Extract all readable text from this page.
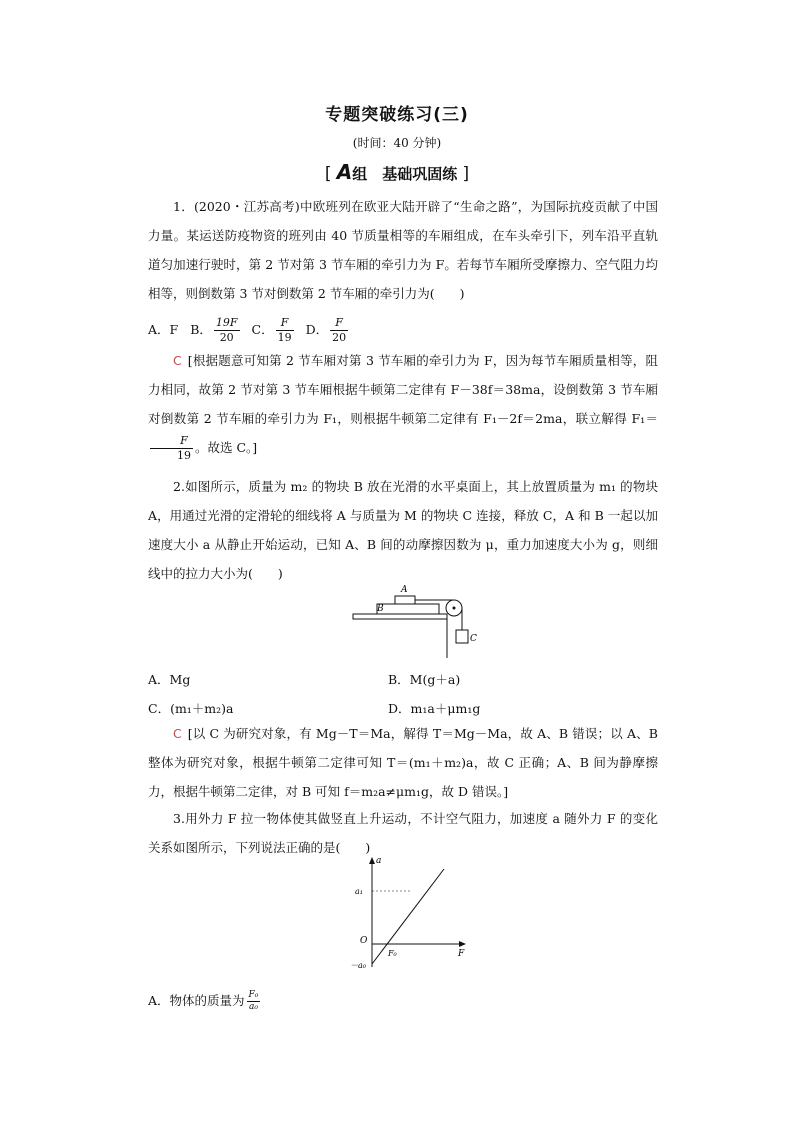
专题突破练习(三)
(时间：40 分钟)
[ A组　基础巩固练 ]
1．(2020・江苏高考)中欧班列在欧亚大陆开辟了“生命之路”，为国际抗疫贡献了中国力量。某运送防疫物资的班列由 40 节质量相等的车厢组成，在车头牵引下，列车沿平直轨道匀加速行驶时，第 2 节对第 3 节车厢的牵引力为 F。若每节车厢所受摩擦力、空气阻力均相等，则倒数第 3 节对倒数第 2 节车厢的牵引力为(　　)
A．F B． $\frac{19F}{20}$ C． $\frac{F}{19}$ D． $\frac{F}{20}$
C [根据题意可知第 2 节车厢对第 3 节车厢的牵引力为 F，因为每节车厢质量相等，阻力相同，故第 2 节对第 3 节车厢根据牛顿第二定律有 F－38f＝38ma，设倒数第 3 节车厢对倒数第 2 节车厢的牵引力为 F₁，则根据牛顿第二定律有 F₁－2f＝2ma，联立解得 F₁＝
$\frac{F}{19}$ 。故选 C。]
2.如图所示，质量为 m₂ 的物块 B 放在光滑的水平桌面上，其上放置质量为 m₁ 的物块 A，用通过光滑的定滑轮的细线将 A 与质量为 M 的物块 C 连接，释放 C，A 和 B 一起以加速度大小 a 从静止开始运动，已知 A、B 间的动摩擦因数为 μ，重力加速度大小为 g，则细线中的拉力大小为(　　)
A
B
C
A．Mg	B．M(g＋a)
C．(m₁＋m₂)a	D．m₁a＋μm₁g
C [以 C 为研究对象，有 Mg－T＝Ma，解得 T＝Mg－Ma，故 A、B 错误；以 A、B 整体为研究对象，根据牛顿第二定律可知 T＝(m₁＋m₂)a，故 C 正确；A、B 间为静摩擦力，根据牛顿第二定律，对 B 可知 f＝m₂a≠μm₁g，故 D 错误。]
3.用外力 F 拉一物体使其做竖直上升运动，不计空气阻力，加速度 a 随外力 F 的变化关系如图所示，下列说法正确的是(　　)
a
F
a₁
O
F₀
－a₀
A．物体的质量为 $\frac{\text{F₀}}{\text{a₀}}$
